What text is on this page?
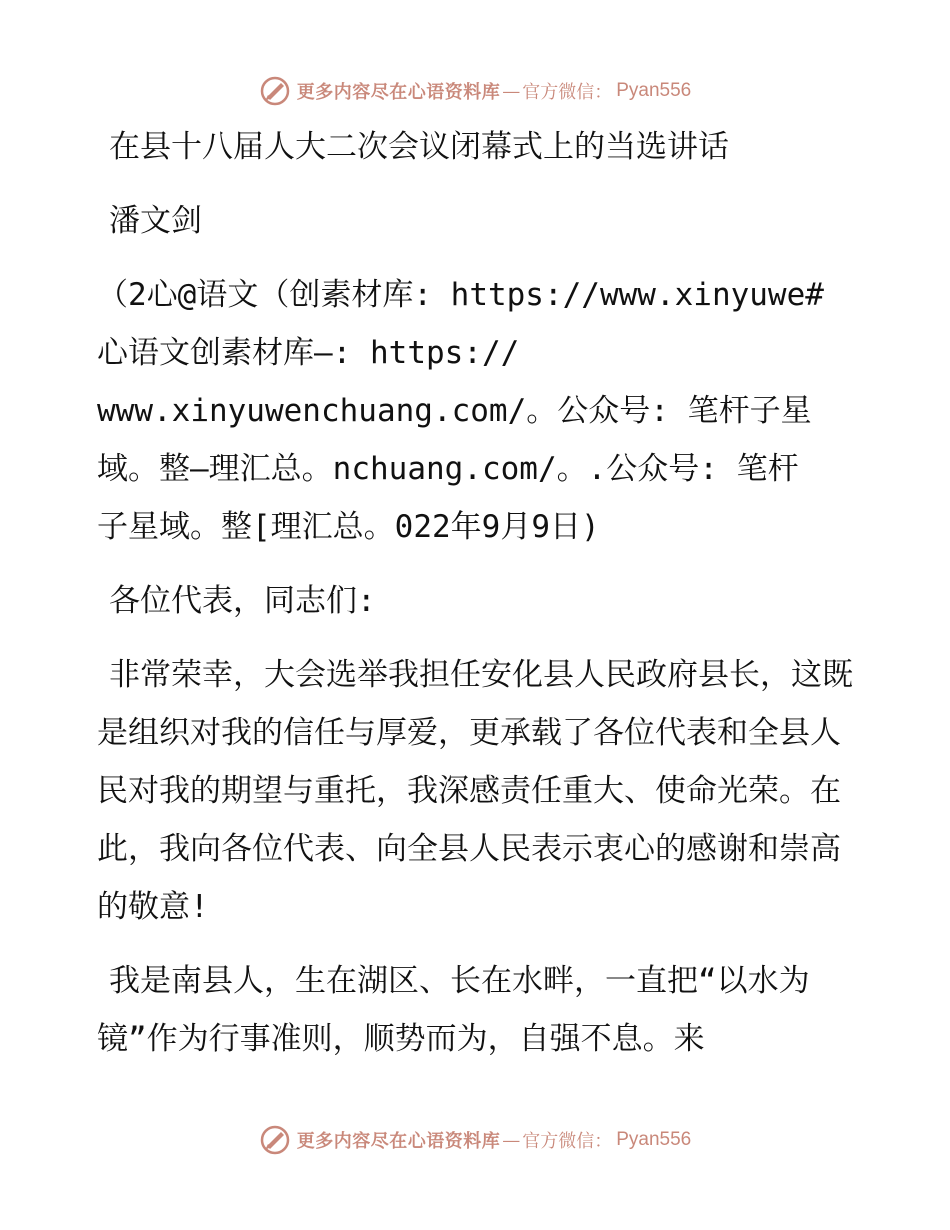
更多内容尽在心语资料库 — 官方微信： Pyan556

在县十八届人大二次会议闭幕式上的当选讲话

潘文剑

（2心@语文（创素材库: https://www.xinyuwe#
心语文创素材库—: https://
www.xinyuwenchuang.com/。公众号: 笔杆子星
域。整—理汇总。nchuang.com/。.公众号: 笔杆
子星域。整[理汇总。022年9月9日)

各位代表，同志们:

非常荣幸，大会选举我担任安化县人民政府县长，这既是组织对我的信任与厚爱，更承载了各位代表和全县人民对我的期望与重托，我深感责任重大、使命光荣。在此，我向各位代表、向全县人民表示衷心的感谢和崇高的敬意!

我是南县人，生在湖区、长在水畔，一直把“以水为镜”作为行事准则，顺势而为，自强不息。来

更多内容尽在心语资料库 — 官方微信： Pyan556
